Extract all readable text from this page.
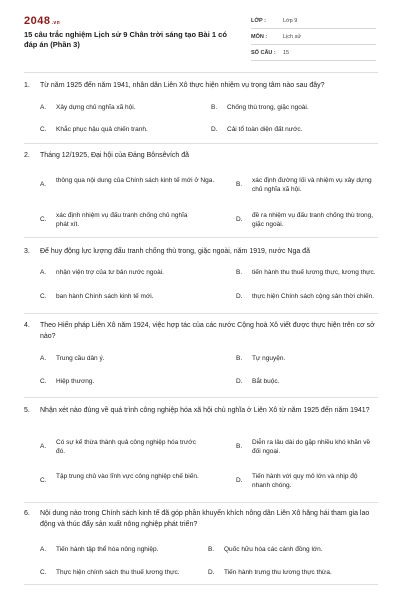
2048.vn
15 câu trắc nghiệm Lịch sử 9 Chân trời sáng tạo Bài 1 có đáp án (Phần 3)
LỚP :	Lớp 9
MÔN :	Lịch sử
SỐ CÂU :	15
1.	Từ năm 1925 đến năm 1941, nhân dân Liên Xô thực hiện nhiệm vụ trọng tâm nào sau đây?
A. Xây dựng chủ nghĩa xã hội.	B. Chống thù trong, giặc ngoài.
C. Khắc phục hậu quả chiến tranh.	D. Cải tổ toàn diện đất nước.
2.	Tháng 12/1925, Đại hội của Đảng Bônsêvích đã
A.
thông qua nội dung của Chính sách kinh tế mới ở Nga.
B.
xác định đường lối và nhiệm vụ xây dựng chủ nghĩa xã hội.
C.
xác định nhiệm vụ đấu tranh chống chủ nghĩa phát xít.
D.
đề ra nhiệm vụ đấu tranh chống thù trong, giặc ngoài.
3.	Để huy động lực lượng đấu tranh chống thù trong, giặc ngoài, năm 1919, nước Nga đã
A. nhận viện trợ của tư bản nước ngoài.	B. tiến hành thu thuế lương thực, lương thực.
C. ban hành Chính sách kinh tế mới.	D. thực hiện Chính sách cộng sản thời chiến.
4.	Theo Hiến pháp Liên Xô năm 1924, việc hợp tác của các nước Cộng hoà Xô viết được thực hiện trên cơ sở nào?
A. Trung cầu dân ý.	B. Tự nguyện.
C. Hiệp thương.	D. Bắt buộc.
5.	Nhận xét nào đúng về quá trình công nghiệp hóa xã hội chủ nghĩa ở Liên Xô từ năm 1925 đến năm 1941?
A.
Có sự kế thừa thành quả công nghiệp hóa trước đó.
B.
Diễn ra lâu dài do gặp nhiều khó khăn về đối ngoại.
C.
Tập trung chủ vào lĩnh vực công nghiệp chế biến.
D.
Tiến hành với quy mô lớn và nhịp độ nhanh chóng.
6.	Nội dung nào trong Chính sách kinh tế đã góp phần khuyến khích nông dân Liên Xô hăng hái tham gia lao động và thúc đẩy sản xuất nông nghiệp phát triển?
A. Tiến hành tập thể hóa nông nghiệp.	B. Quốc hữu hóa các cánh đồng lớn.
C. Thực hiện chính sách thu thuế lương thực.	D. Tiến hành trưng thu lương thực thừa.
